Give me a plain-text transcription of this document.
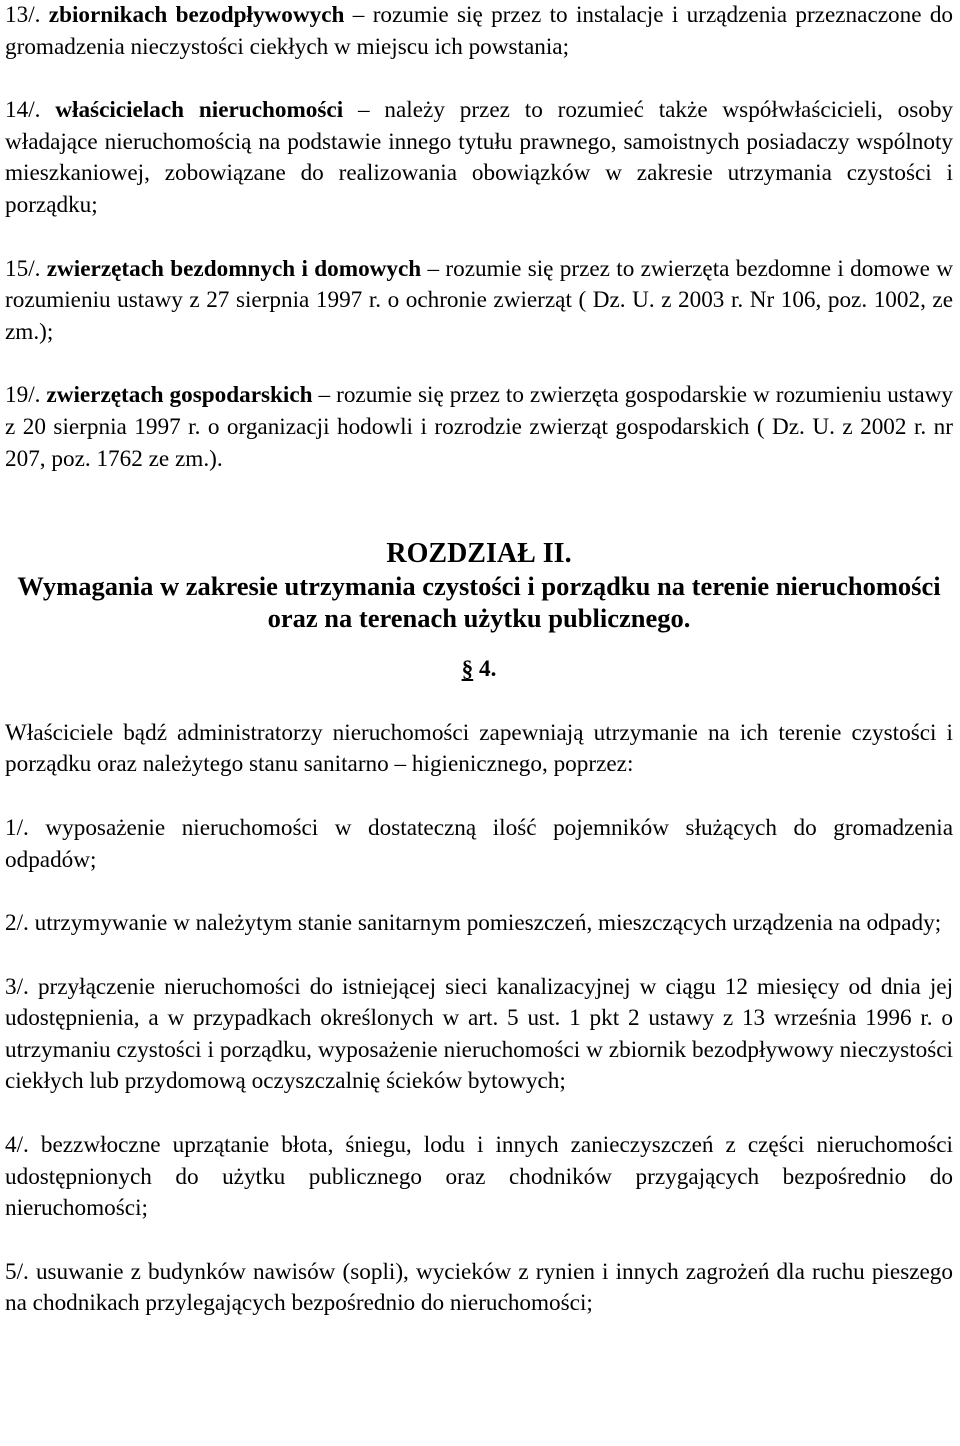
13/. zbiornikach bezodpływowych – rozumie się przez to instalacje i urządzenia przeznaczone do gromadzenia nieczystości ciekłych w miejscu ich powstania;

14/. właścicielach nieruchomości – należy przez to rozumieć także współwłaścicieli, osoby władające nieruchomością na podstawie innego tytułu prawnego, samoistnych posiadaczy wspólnoty mieszkaniowej, zobowiązane do realizowania obowiązków w zakresie utrzymania czystości i porządku;

15/. zwierzętach bezdomnych i domowych – rozumie się przez to zwierzęta bezdomne i domowe w rozumieniu ustawy z 27 sierpnia 1997 r. o ochronie zwierząt ( Dz. U. z 2003 r. Nr 106, poz. 1002, ze zm.);

19/. zwierzętach gospodarskich – rozumie się przez to zwierzęta gospodarskie w rozumieniu ustawy z 20 sierpnia 1997 r. o organizacji hodowli i rozrodzie zwierząt gospodarskich ( Dz. U. z 2002 r. nr 207, poz. 1762 ze zm.).

ROZDZIAŁ II.

Wymagania w zakresie utrzymania czystości i porządku na terenie nieruchomości oraz na terenach użytku publicznego.

§ 4.

Właściciele bądź administratorzy nieruchomości zapewniają utrzymanie na ich terenie czystości i porządku oraz należytego stanu sanitarno – higienicznego, poprzez:

1/. wyposażenie nieruchomości w dostateczną ilość pojemników służących do gromadzenia odpadów;

2/. utrzymywanie w należytym stanie sanitarnym pomieszczeń, mieszczących urządzenia na odpady;

3/. przyłączenie nieruchomości do istniejącej sieci kanalizacyjnej w ciągu 12 miesięcy od dnia jej udostępnienia, a w przypadkach określonych w art. 5 ust. 1 pkt 2 ustawy z 13 września 1996 r. o utrzymaniu czystości i porządku, wyposażenie nieruchomości w zbiornik bezodpływowy nieczystości ciekłych lub przydomową oczyszczalnię ścieków bytowych;

4/. bezzwłoczne uprzątanie błota, śniegu, lodu i innych zanieczyszczeń z części nieruchomości udostępnionych do użytku publicznego oraz chodników przygających bezpośrednio do nieruchomości;

5/. usuwanie z budynków nawisów (sopli), wycieków z rynien i innych zagrożeń dla ruchu pieszego na chodnikach przylegających bezpośrednio do nieruchomości;
